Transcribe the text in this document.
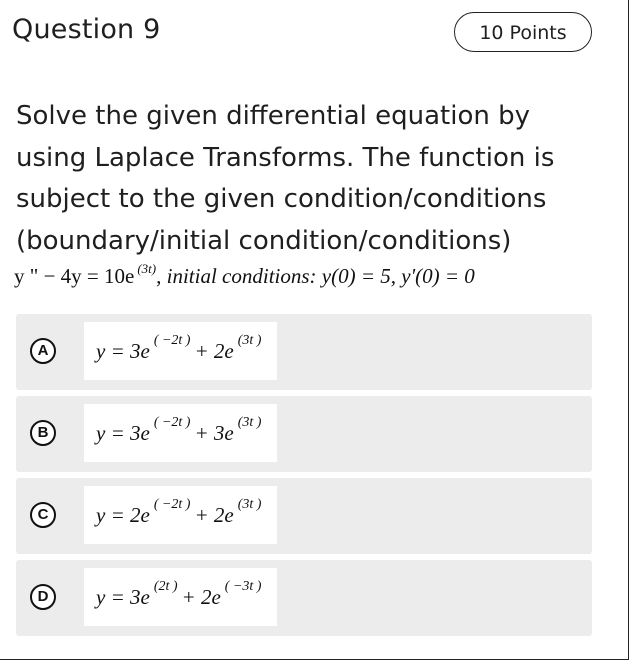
Question 9	10 Points
Solve the given differential equation by using Laplace Transforms. The function is subject to the given condition/conditions (boundary/initial condition/conditions)
y " − 4y = 10e $^{(3t)}$, initial conditions: y(0) = 5, y'(0) = 0
A	y = 3e ( −2t ) + 2e (3t )
B	y = 3e ( −2t ) + 3e (3t )
C	y = 2e ( −2t ) + 2e (3t )
D	y = 3e (2t ) + 2e ( −3t )
